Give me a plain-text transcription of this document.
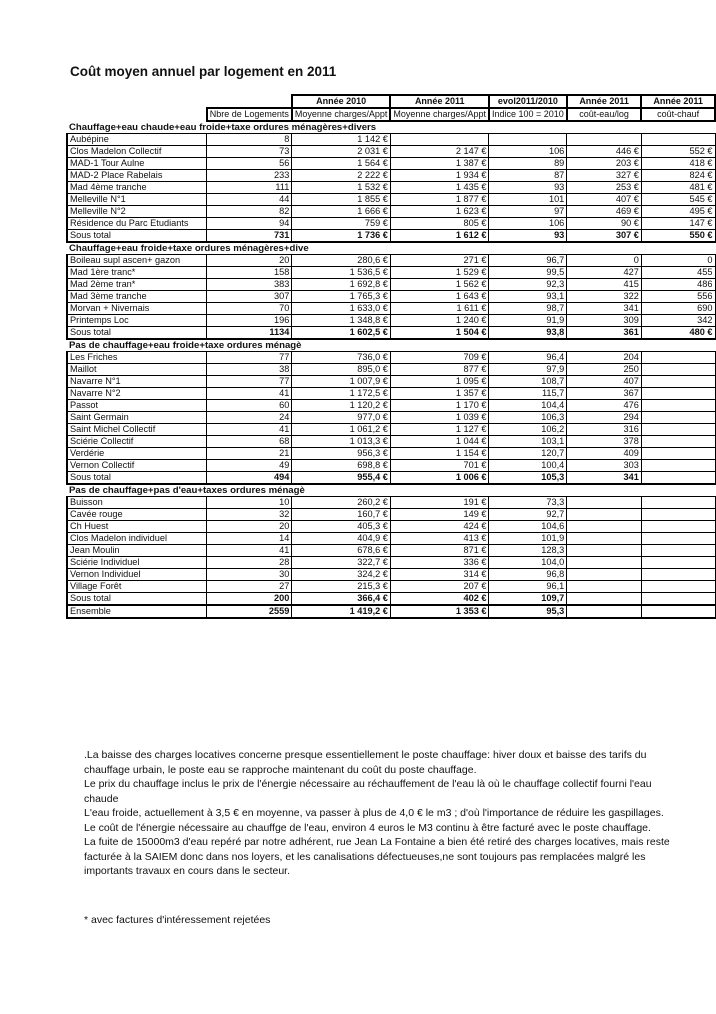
Coût moyen annuel par logement en 2011
		Année 2010	Année 2011	evol2011/2010	Année 2011	Année 2011
	Nbre de Logements	Moyenne charges/Appt	Moyenne charges/Appt	Indice 100 = 2010	coût-eau/log	coût-chauf
Chauffage+eau chaude+eau froide+taxe ordures ménagères+divers						
Aubépine	8	1 142 €				
Clos Madelon Collectif	73	2 031 €	2 147 €	106	446 €	552 €
MAD-1 Tour Aulne	56	1 564 €	1 387 €	89	203 €	418 €
MAD-2 Place Rabelais	233	2 222 €	1 934 €	87	327 €	824 €
Mad 4ème tranche	111	1 532 €	1 435 €	93	253 €	481 €
Melleville N°1	44	1 855 €	1 877 €	101	407 €	545 €
Melleville N°2	82	1 666 €	1 623 €	97	469 €	495 €
Résidence du Parc Etudiants	94	759 €	805 €	106	90 €	147 €
Sous total	731	1 736 €	1 612 €	93	307 €	550 €
Chauffage+eau froide+taxe ordures ménagères+dive						
Boileau supl ascen+ gazon	20	280,6 €	271 €	96,7	0	0
Mad 1ère tranc*	158	1 536,5 €	1 529 €	99,5	427	455
Mad 2ème tran*	383	1 692,8 €	1 562 €	92,3	415	486
Mad 3ème tranche	307	1 765,3 €	1 643 €	93,1	322	556
Morvan + Nivernais	70	1 633,0 €	1 611 €	98,7	341	690
Printemps Loc	196	1 348,8 €	1 240 €	91,9	309	342
Sous total	1134	1 602,5 €	1 504 €	93,8	361	480 €
Pas de chauffage+eau froide+taxe ordures ménagè						
Les Friches	77	736,0 €	709 €	96,4	204	
Maillot	38	895,0 €	877 €	97,9	250	
Navarre N°1	77	1 007,9 €	1 095 €	108,7	407	
Navarre N°2	41	1 172,5 €	1 357 €	115,7	367	
Passot	60	1 120,2 €	1 170 €	104,4	476	
Saint Germain	24	977,0 €	1 039 €	106,3	294	
Saint Michel Collectif	41	1 061,2 €	1 127 €	106,2	316	
Sciérie Collectif	68	1 013,3 €	1 044 €	103,1	378	
Verdérie	21	956,3 €	1 154 €	120,7	409	
Vernon Collectif	49	698,8 €	701 €	100,4	303	
Sous total	494	955,4 €	1 006 €	105,3	341	
Pas de chauffage+pas d'eau+taxes ordures ménagè						
Buisson	10	260,2 €	191 €	73,3		
Cavée rouge	32	160,7 €	149 €	92,7		
Ch Huest	20	405,3 €	424 €	104,6		
Clos Madelon individuel	14	404,9 €	413 €	101,9		
Jean Moulin	41	678,6 €	871 €	128,3		
Sciérie Individuel	28	322,7 €	336 €	104,0		
Vernon Individuel	30	324,2 €	314 €	96,8		
Village Forêt	27	215,3 €	207 €	96,1		
Sous total	200	366,4 €	402 €	109,7		
Ensemble	2559	1 419,2 €	1 353 €	95,3		

.La baisse des charges locatives concerne presque essentiellement le poste chauffage: hiver doux et baisse des tarifs du chauffage urbain, le poste eau se rapproche maintenant du coût du poste chauffage.

Le prix du chauffage inclus le prix de l'énergie nécessaire au réchauffement de l'eau là où le chauffage collectif fourni l'eau chaude

L'eau froide, actuellement à 3,5 € en moyenne, va passer à plus de 4,0 € le m3 ; d'où l'importance de réduire les gaspillages.

Le coût de l'énergie nécessaire au chauffge de l'eau, environ 4 euros le M3 continu à être facturé avec le poste chauffage.

La fuite de 15000m3 d'eau repéré par notre adhérent, rue Jean La Fontaine a bien été retiré des charges locatives, mais reste facturée à la SAIEM donc dans nos loyers, et les canalisations défectueuses,ne sont toujours pas remplacées malgré les importants travaux en cours dans le secteur.

* avec factures d'intéressement rejetées
